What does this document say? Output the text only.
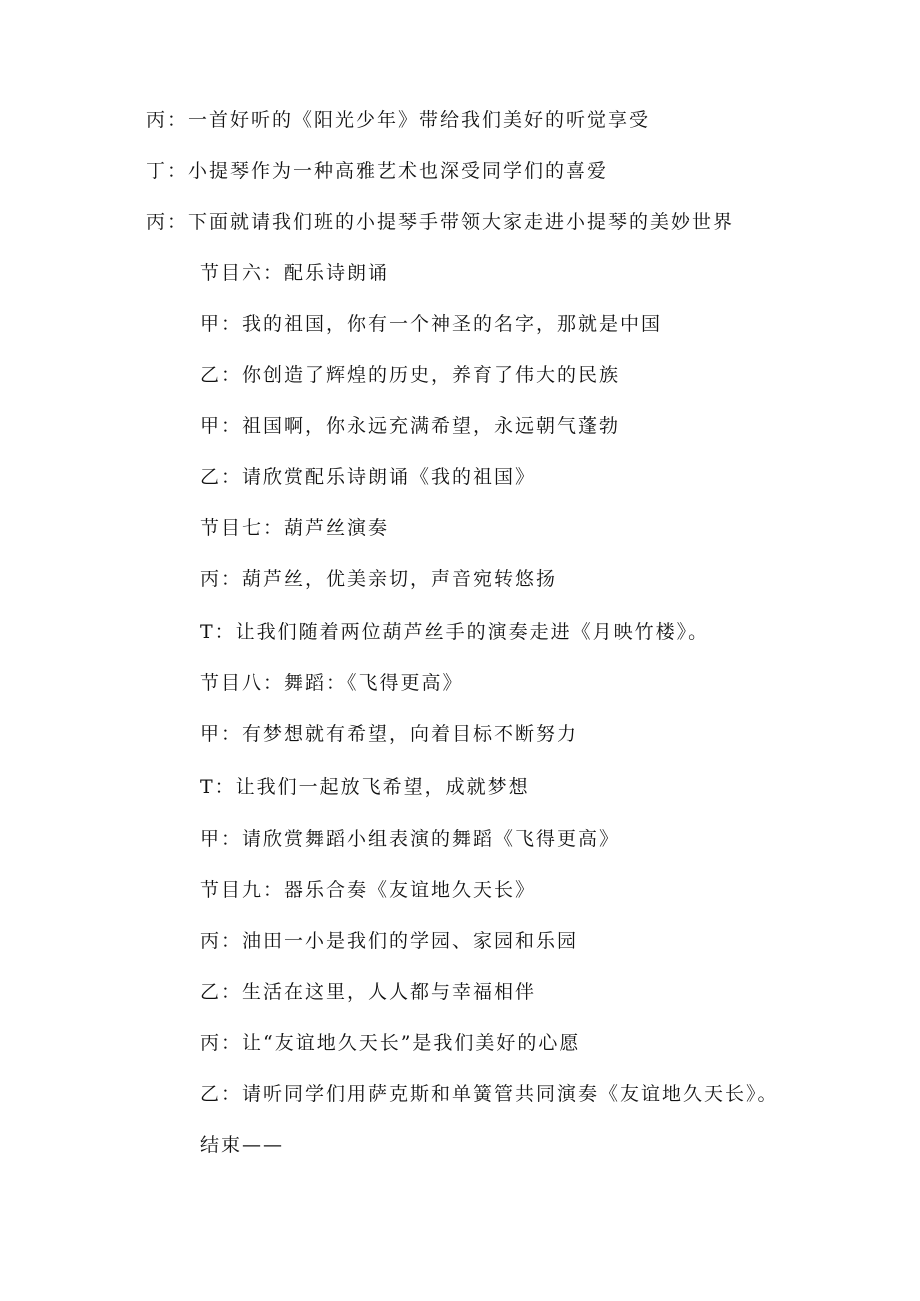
丙：一首好听的《阳光少年》带给我们美好的听觉享受
丁：小提琴作为一种高雅艺术也深受同学们的喜爱
丙：下面就请我们班的小提琴手带领大家走进小提琴的美妙世界
节目六：配乐诗朗诵
甲：我的祖国，你有一个神圣的名字，那就是中国
乙：你创造了辉煌的历史，养育了伟大的民族
甲：祖国啊，你永远充满希望，永远朝气蓬勃
乙：请欣赏配乐诗朗诵《我的祖国》
节目七：葫芦丝演奏
丙：葫芦丝，优美亲切，声音宛转悠扬
T：让我们随着两位葫芦丝手的演奏走进《月映竹楼》。
节目八：舞蹈：《飞得更高》
甲：有梦想就有希望，向着目标不断努力
T：让我们一起放飞希望，成就梦想
甲：请欣赏舞蹈小组表演的舞蹈《飞得更高》
节目九：器乐合奏《友谊地久天长》
丙：油田一小是我们的学园、家园和乐园
乙：生活在这里，人人都与幸福相伴
丙：让“友谊地久天长”是我们美好的心愿
乙：请听同学们用萨克斯和单簧管共同演奏《友谊地久天长》。
结束——
